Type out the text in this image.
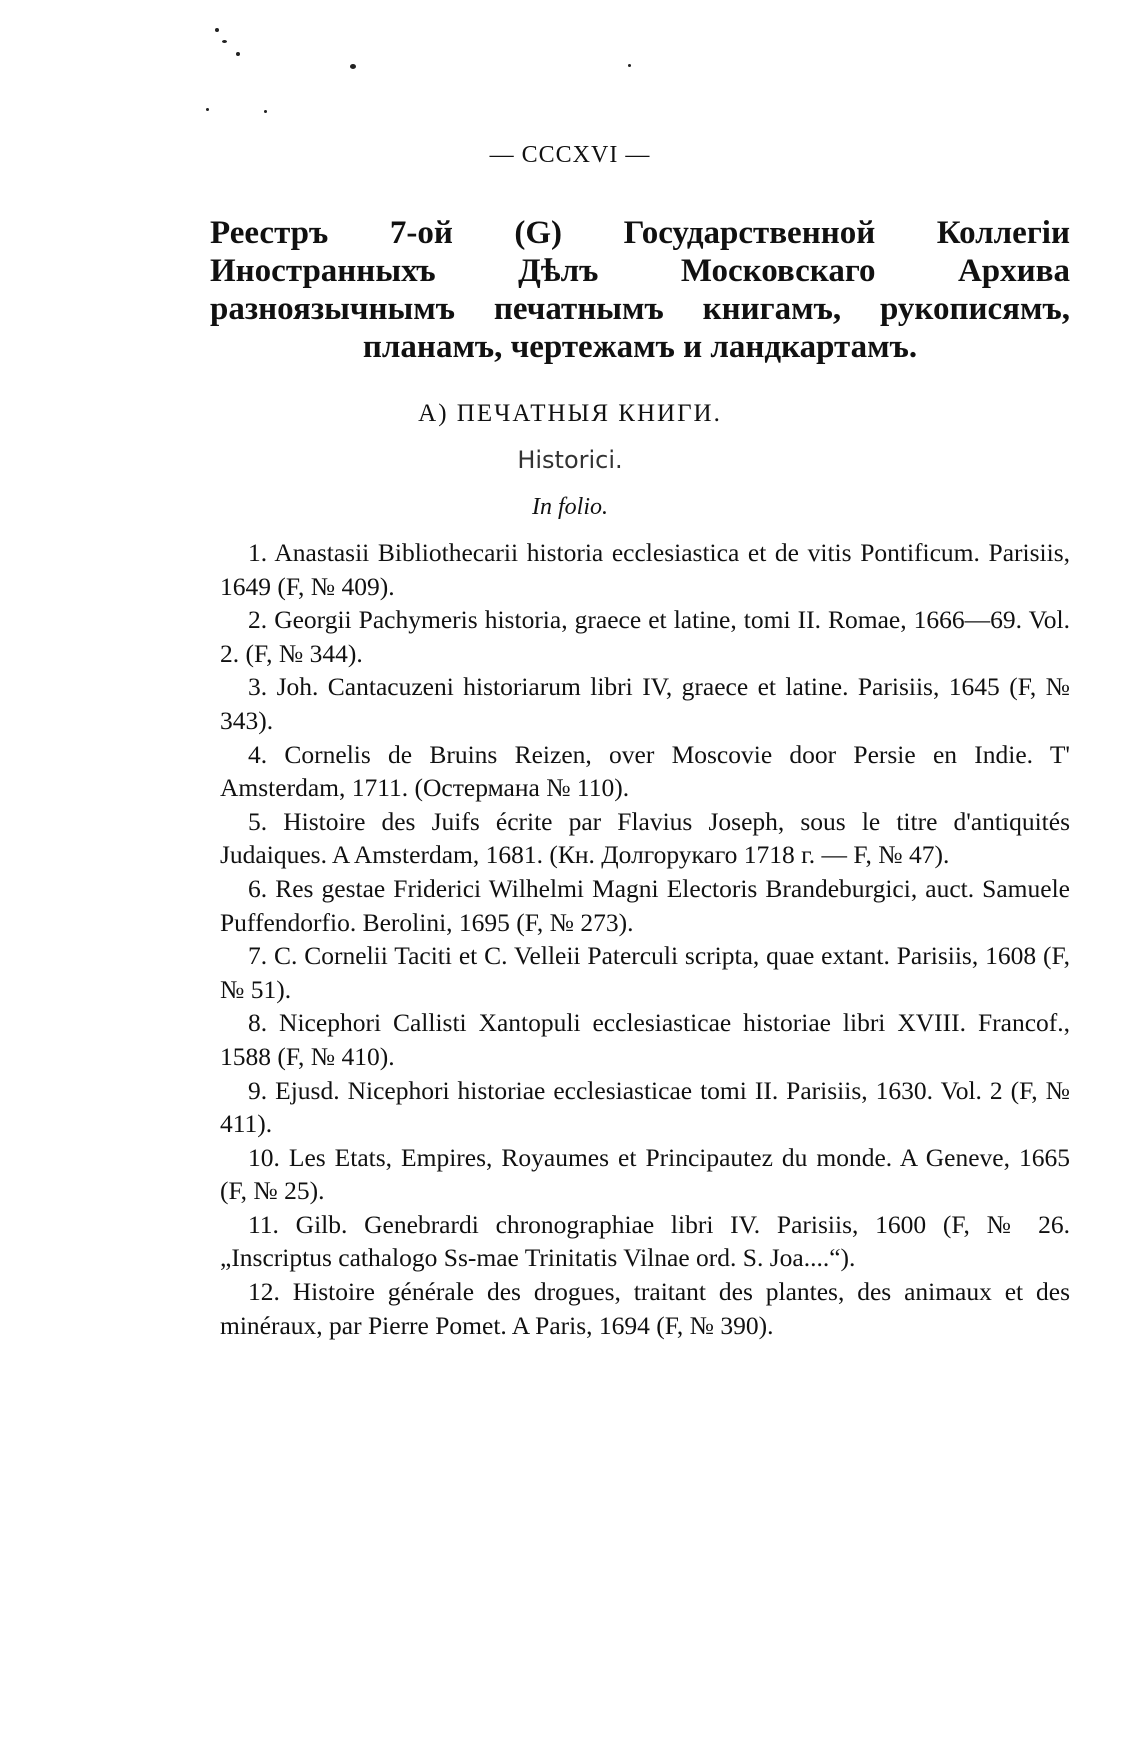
— CCCXVI —
Реестръ 7-ой (G) Государственной Коллегіи Иностранныхъ Дѣлъ Московскаго Архива разноязычнымъ печатнымъ книгамъ, рукописямъ, планамъ, чертежамъ и ландкартамъ.
А) ПЕЧАТНЫЯ КНИГИ.
Historici.
In folio.

1. Anastasii Bibliothecarii historia ecclesiastica et de vitis Pontificum. Parisiis, 1649 (F, № 409).

2. Georgii Pachymeris historia, graece et latine, tomi II. Romae, 1666—69. Vol. 2. (F, № 344).

3. Joh. Cantacuzeni historiarum libri IV, graece et latine. Parisiis, 1645 (F, № 343).

4. Cornelis de Bruins Reizen, over Moscovie door Persie en Indie. T' Amsterdam, 1711. (Остермана № 110).

5. Histoire des Juifs écrite par Flavius Joseph, sous le titre d'antiquités Judaiques. A Amsterdam, 1681. (Кн. Долгорукаго 1718 г. — F, № 47).

6. Res gestae Friderici Wilhelmi Magni Electoris Brandeburgici, auct. Samuele Puffendorfio. Berolini, 1695 (F, № 273).

7. C. Cornelii Taciti et C. Velleii Paterculi scripta, quae extant. Parisiis, 1608 (F, № 51).

8. Nicephori Callisti Xantopuli ecclesiasticae historiae libri XVIII. Francof., 1588 (F, № 410).

9. Ejusd. Nicephori historiae ecclesiasticae tomi II. Parisiis, 1630. Vol. 2 (F, № 411).

10. Les Etats, Empires, Royaumes et Principautez du monde. A Geneve, 1665 (F, № 25).

11. Gilb. Genebrardi chronographiae libri IV. Parisiis, 1600 (F, № 26. „Inscriptus cathalogo Ss-mae Trinitatis Vilnae ord. S. Joa....“).

12. Histoire générale des drogues, traitant des plantes, des animaux et des minéraux, par Pierre Pomet. A Paris, 1694 (F, № 390).
